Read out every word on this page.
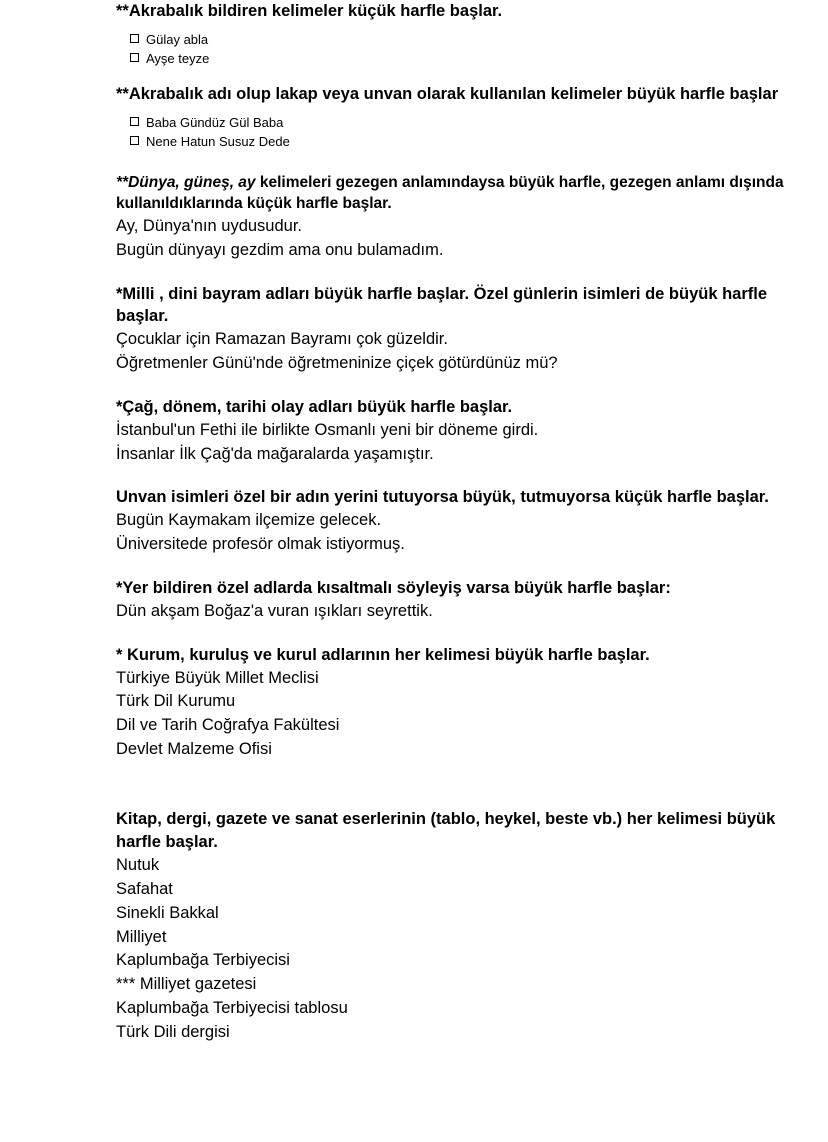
**Akrabalık bildiren kelimeler küçük harfle başlar.

Gülay abla
Ayşe teyze

**Akrabalık adı olup lakap veya unvan olarak kullanılan kelimeler büyük harfle başlar

Baba Gündüz Gül Baba
Nene Hatun Susuz Dede

**Dünya, güneş, ay kelimeleri gezegen anlamındaysa büyük harfle, gezegen anlamı dışında kullanıldıklarında küçük harfle başlar.

Ay, Dünya'nın uydusudur.

Bugün dünyayı gezdim ama onu bulamadım.

*Milli , dini bayram adları büyük harfle başlar. Özel günlerin isimleri de büyük harfle başlar.

Çocuklar için Ramazan Bayramı çok güzeldir.

Öğretmenler Günü'nde öğretmeninize çiçek götürdünüz mü?

*Çağ, dönem, tarihi olay adları büyük harfle başlar.

İstanbul'un Fethi ile birlikte Osmanlı yeni bir döneme girdi.

İnsanlar İlk Çağ'da mağaralarda yaşamıştır.

Unvan isimleri özel bir adın yerini tutuyorsa büyük, tutmuyorsa küçük harfle başlar.

Bugün Kaymakam ilçemize gelecek.

Üniversitede profesör olmak istiyormuş.

*Yer bildiren özel adlarda kısaltmalı söyleyiş varsa büyük harfle başlar:

Dün akşam Boğaz'a vuran ışıkları seyrettik.

* Kurum, kuruluş ve kurul adlarının her kelimesi büyük harfle başlar.

Türkiye Büyük Millet Meclisi

Türk Dil Kurumu

Dil ve Tarih Coğrafya Fakültesi

Devlet Malzeme Ofisi

Kitap, dergi, gazete ve sanat eserlerinin (tablo, heykel, beste vb.) her kelimesi büyük harfle başlar.

Nutuk

Safahat

Sinekli Bakkal

Milliyet

Kaplumbağa Terbiyecisi

*** Milliyet gazetesi

Kaplumbağa Terbiyecisi tablosu

Türk Dili dergisi
